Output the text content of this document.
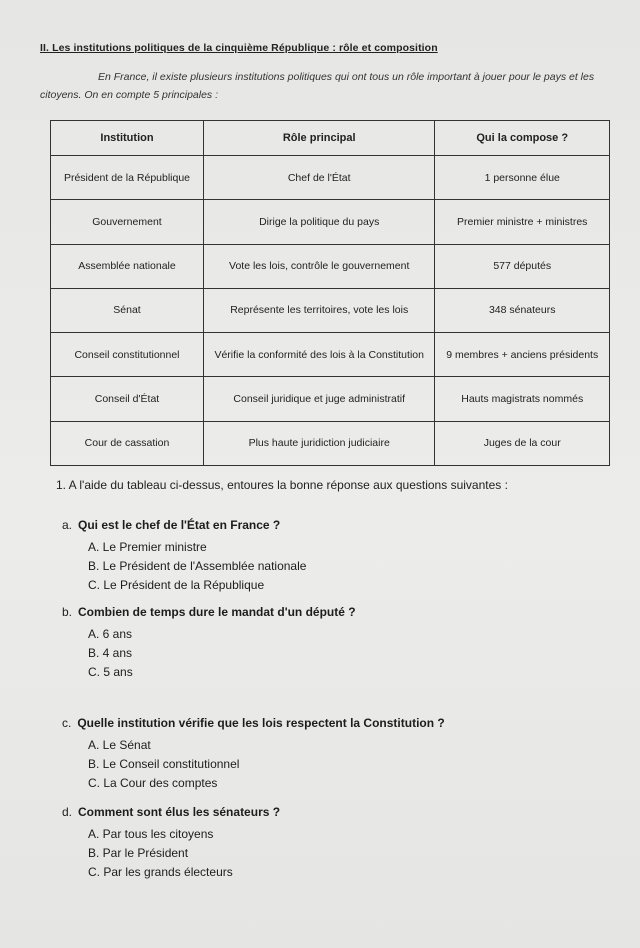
II. Les institutions politiques de la cinquième République : rôle et composition
En France, il existe plusieurs institutions politiques qui ont tous un rôle important à jouer pour le pays et les citoyens. On en compte 5 principales :
Institution	Rôle principal	Qui la compose ?
Président de la République	Chef de l'État	1 personne élue
Gouvernement	Dirige la politique du pays	Premier ministre + ministres
Assemblée nationale	Vote les lois, contrôle le gouvernement	577 députés
Sénat	Représente les territoires, vote les lois	348 sénateurs
Conseil constitutionnel	Vérifie la conformité des lois à la Constitution	9 membres + anciens présidents
Conseil d'État	Conseil juridique et juge administratif	Hauts magistrats nommés
Cour de cassation	Plus haute juridiction judiciaire	Juges de la cour
1. A l'aide du tableau ci-dessus, entoures la bonne réponse aux questions suivantes :
a. Qui est le chef de l'État en France ?
A. Le Premier ministre
B. Le Président de l'Assemblée nationale
C. Le Président de la République
b. Combien de temps dure le mandat d'un député ?
A. 6 ans
B. 4 ans
C. 5 ans
c. Quelle institution vérifie que les lois respectent la Constitution ?
A. Le Sénat
B. Le Conseil constitutionnel
C. La Cour des comptes
d. Comment sont élus les sénateurs ?
A. Par tous les citoyens
B. Par le Président
C. Par les grands électeurs
